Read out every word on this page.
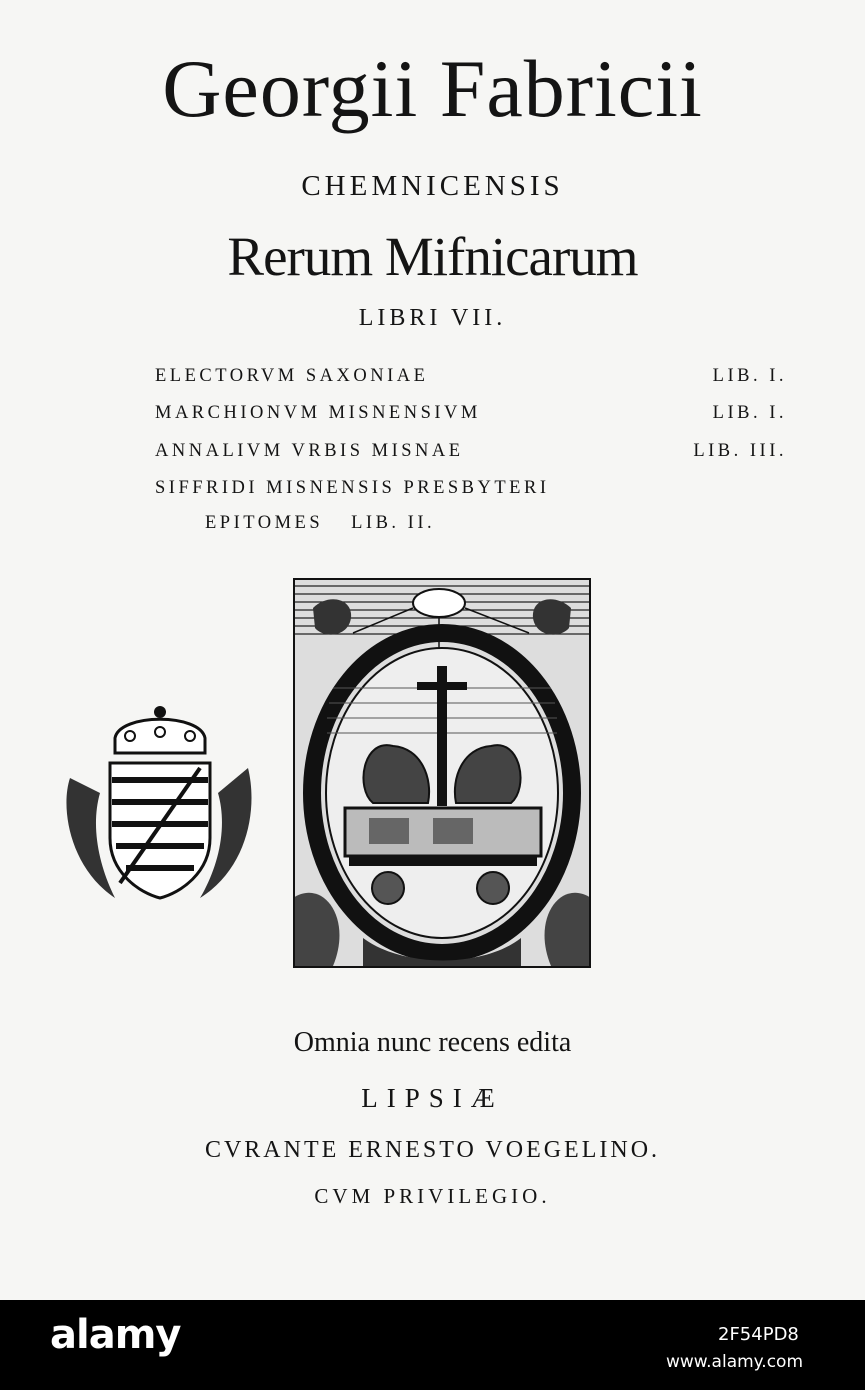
Georgii Fabricii
CHEMNICENSIS
Rerum Mifnicarum
LIBRI VII.
ELECTORVM SAXONIAE	LIB. I.
MARCHIONVM MISNENSIVM	LIB. I.
ANNALIVM VRBIS MISNAE	LIB. III.
SIFFRIDI MISNENSIS PRESBYTERI
EPITOMES LIB. II.
Omnia nunc recens edita
LIPSIÆ
CVRANTE ERNESTO VOEGELINO.
CVM PRIVILEGIO.
alamy	2F54PD8
www.alamy.com
